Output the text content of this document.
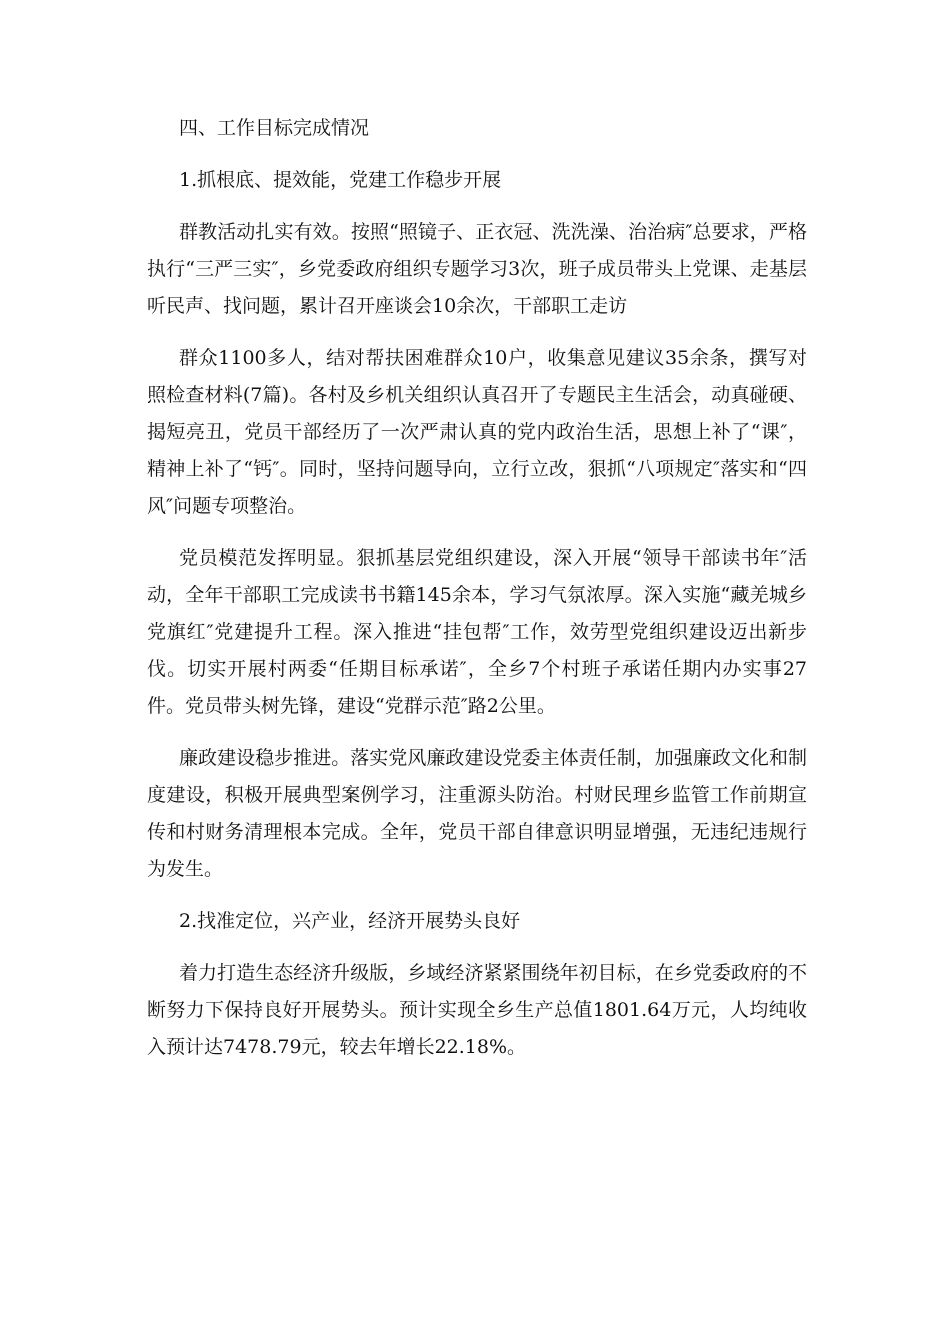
四、工作目标完成情况

1.抓根底、提效能，党建工作稳步开展

群教活动扎实有效。按照“照镜子、正衣冠、洗洗澡、治治病″总要求，严格执行“三严三实″，乡党委政府组织专题学习3次，班子成员带头上党课、走基层听民声、找问题，累计召开座谈会10余次，干部职工走访

群众1100多人，结对帮扶困难群众10户，收集意见建议35余条，撰写对照检查材料(7篇)。各村及乡机关组织认真召开了专题民主生活会，动真碰硬、揭短亮丑，党员干部经历了一次严肃认真的党内政治生活，思想上补了“课″，精神上补了“钙″。同时，坚持问题导向，立行立改，狠抓“八项规定″落实和“四风″问题专项整治。

党员模范发挥明显。狠抓基层党组织建设，深入开展“领导干部读书年″活动，全年干部职工完成读书书籍145余本，学习气氛浓厚。深入实施“藏羌城乡党旗红″党建提升工程。深入推进“挂包帮″工作，效劳型党组织建设迈出新步伐。切实开展村两委“任期目标承诺″，全乡7个村班子承诺任期内办实事27件。党员带头树先锋，建设“党群示范″路2公里。

廉政建设稳步推进。落实党风廉政建设党委主体责任制，加强廉政文化和制度建设，积极开展典型案例学习，注重源头防治。村财民理乡监管工作前期宣传和村财务清理根本完成。全年，党员干部自律意识明显增强，无违纪违规行为发生。

2.找准定位，兴产业，经济开展势头良好

着力打造生态经济升级版，乡域经济紧紧围绕年初目标，在乡党委政府的不断努力下保持良好开展势头。预计实现全乡生产总值1801.64万元，人均纯收入预计达7478.79元，较去年增长22.18%。
